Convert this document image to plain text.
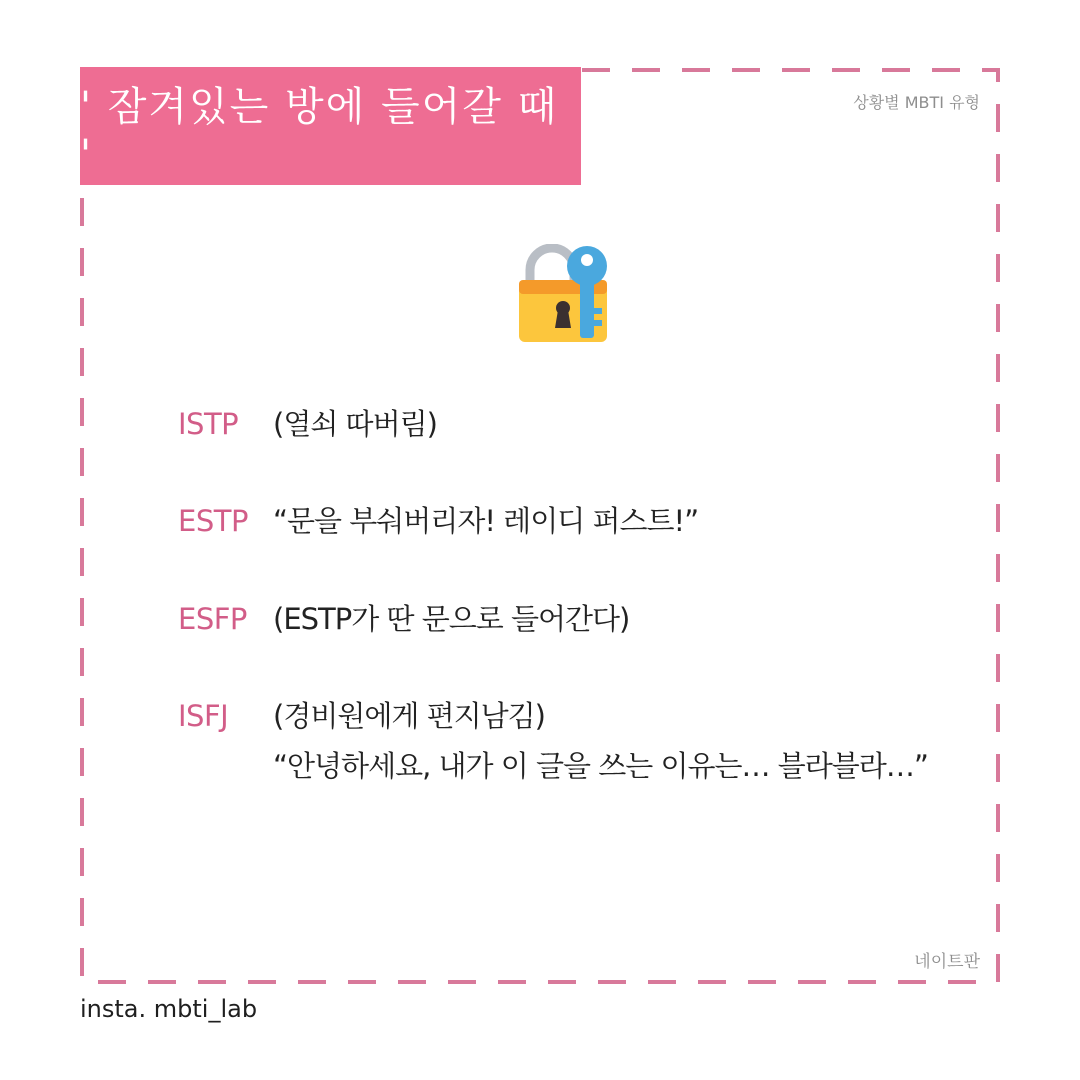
' 잠겨있는 방에 들어갈 때 '
상황별 MBTI 유형
ISTP (열쇠 따버림)
ESTP “문을 부숴버리자! 레이디 퍼스트!”
ESFP (ESTP가 딴 문으로 들어간다)
ISFJ (경비원에게 편지남김)
“안녕하세요, 내가 이 글을 쓰는 이유는… 블라블라…”
네이트판
insta. mbti_lab
